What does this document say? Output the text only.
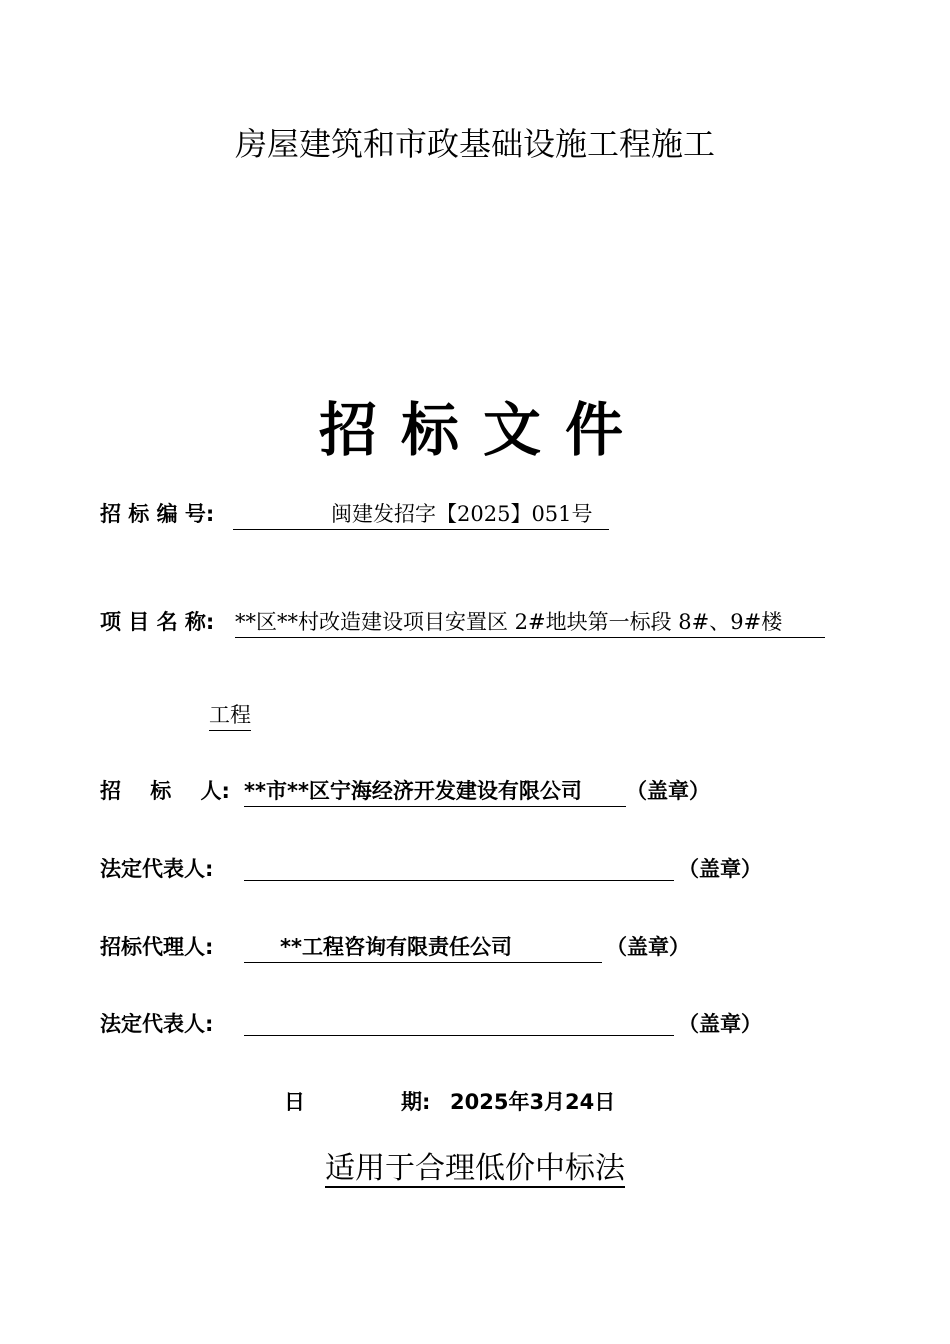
房屋建筑和市政基础设施工程施工
招标文件
招 标 编 号:	闽建发招字【2025】051号
项 目 名 称: **区**村改造建设项目安置区 2#地块第一标段 8#、9#楼
工程
招    标    人: **市**区宁海经济开发建设有限公司	（盖章）
法定代表人:	（盖章）
招标代理人:	**工程咨询有限责任公司	（盖章）
法定代表人:	（盖章）
日	期: 2025年3月24日
适用于合理低价中标法
